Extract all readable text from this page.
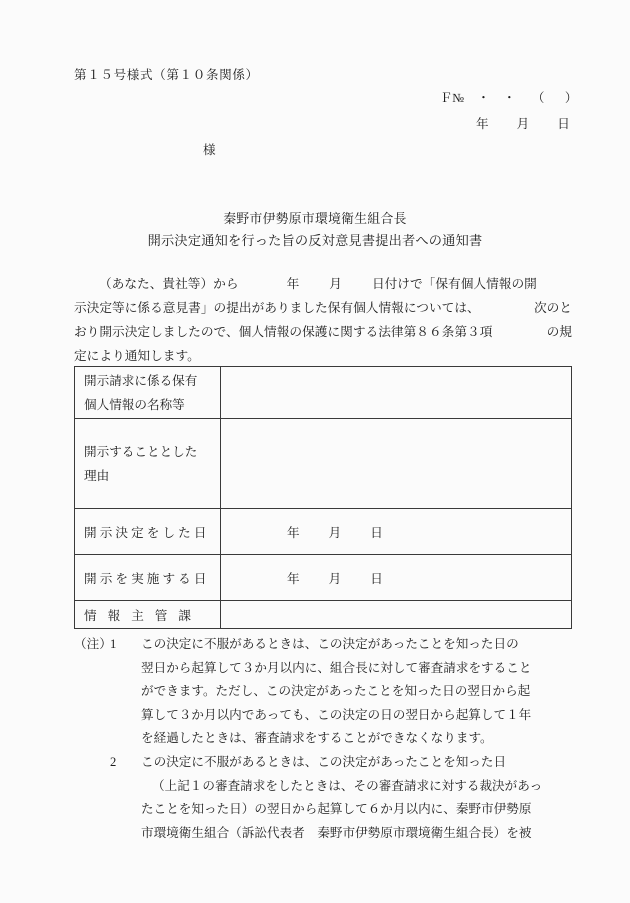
第１５号様式（第１０条関係）
Ｆ№ ・ ・ （ ）
年 月 日
様
秦野市伊勢原市環境衛生組合長
開示決定通知を行った旨の反対意見書提出者への通知書
（あなた、貴社等）から	年 月 日付けで「保有個人情報の開
示決定等に係る意見書」の提出がありました保有個人情報については、	次のと
おり開示決定しましたので、個人情報の保護に関する法律第８６条第３項	の規
定により通知します。
開示請求に係る保有
個人情報の名称等	

開示することとした
理由	

開示決定をした日	年 月 日

開示を実施する日	年 月 日

情報主管課	
（注）1 この決定に不服があるときは、この決定があったことを知った日の
翌日から起算して３か月以内に、組合長に対して審査請求をすること
ができます。ただし、この決定があったことを知った日の翌日から起
算して３か月以内であっても、この決定の日の翌日から起算して１年
を経過したときは、審査請求をすることができなくなります。
2 この決定に不服があるときは、この決定があったことを知った日
（上記１の審査請求をしたときは、その審査請求に対する裁決があっ
たことを知った日）の翌日から起算して６か月以内に、秦野市伊勢原
市環境衛生組合（訴訟代表者　秦野市伊勢原市環境衛生組合長）を被
